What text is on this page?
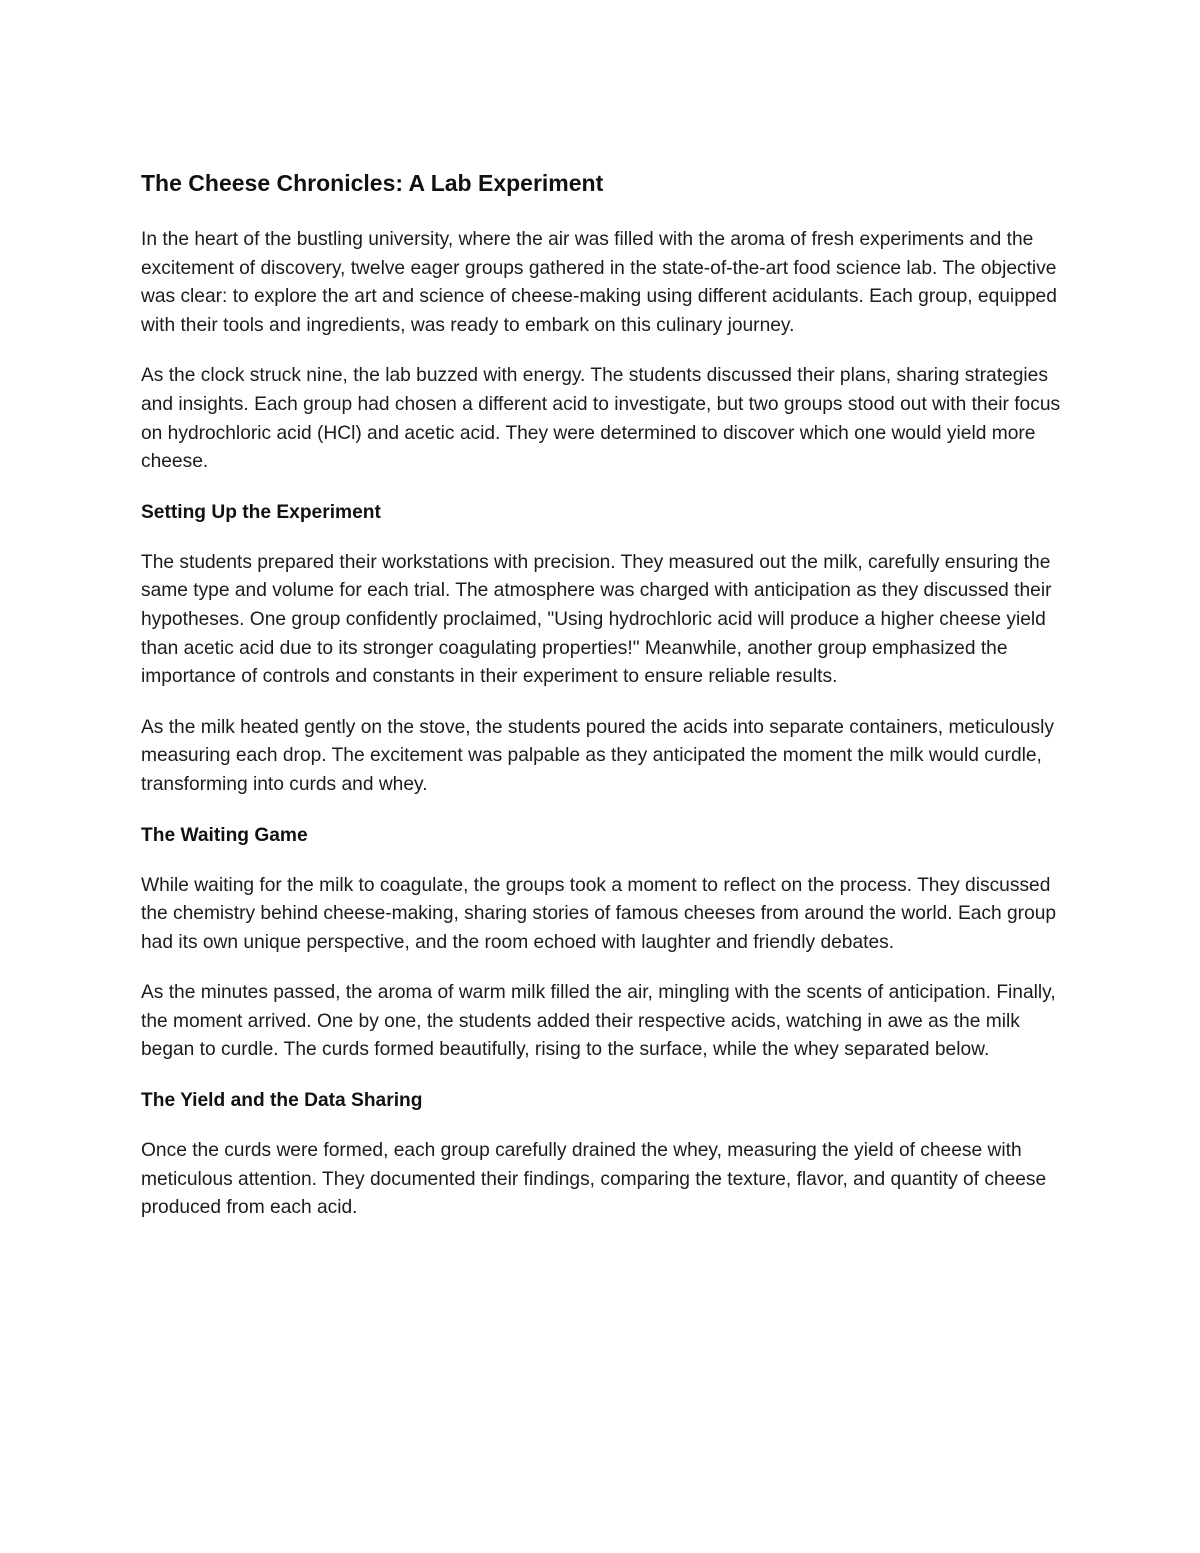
The Cheese Chronicles: A Lab Experiment

In the heart of the bustling university, where the air was filled with the aroma of fresh experiments and the excitement of discovery, twelve eager groups gathered in the state-of-the-art food science lab. The objective was clear: to explore the art and science of cheese-making using different acidulants. Each group, equipped with their tools and ingredients, was ready to embark on this culinary journey.

As the clock struck nine, the lab buzzed with energy. The students discussed their plans, sharing strategies and insights. Each group had chosen a different acid to investigate, but two groups stood out with their focus on hydrochloric acid (HCl) and acetic acid. They were determined to discover which one would yield more cheese.

Setting Up the Experiment

The students prepared their workstations with precision. They measured out the milk, carefully ensuring the same type and volume for each trial. The atmosphere was charged with anticipation as they discussed their hypotheses. One group confidently proclaimed, "Using hydrochloric acid will produce a higher cheese yield than acetic acid due to its stronger coagulating properties!" Meanwhile, another group emphasized the importance of controls and constants in their experiment to ensure reliable results.

As the milk heated gently on the stove, the students poured the acids into separate containers, meticulously measuring each drop. The excitement was palpable as they anticipated the moment the milk would curdle, transforming into curds and whey.

The Waiting Game

While waiting for the milk to coagulate, the groups took a moment to reflect on the process. They discussed the chemistry behind cheese-making, sharing stories of famous cheeses from around the world. Each group had its own unique perspective, and the room echoed with laughter and friendly debates.

As the minutes passed, the aroma of warm milk filled the air, mingling with the scents of anticipation. Finally, the moment arrived. One by one, the students added their respective acids, watching in awe as the milk began to curdle. The curds formed beautifully, rising to the surface, while the whey separated below.

The Yield and the Data Sharing

Once the curds were formed, each group carefully drained the whey, measuring the yield of cheese with meticulous attention. They documented their findings, comparing the texture, flavor, and quantity of cheese produced from each acid.
